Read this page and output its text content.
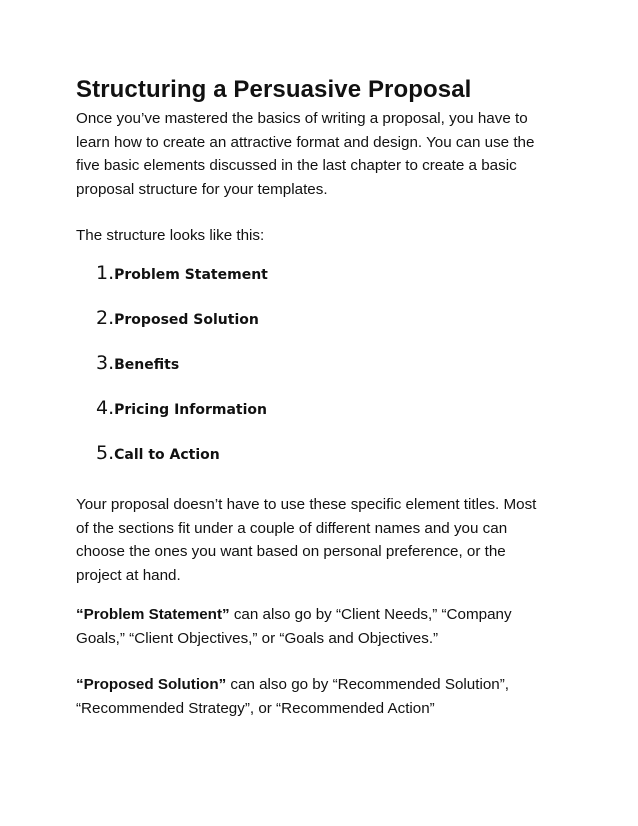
Structuring a Persuasive Proposal

Once you’ve mastered the basics of writing a proposal, you have to
learn how to create an attractive format and design. You can use the
five basic elements discussed in the last chapter to create a basic
proposal structure for your templates.

The structure looks like this:

1.Problem Statement
2.Proposed Solution
3.Benefits
4.Pricing Information
5.Call to Action

Your proposal doesn’t have to use these specific element titles. Most
of the sections fit under a couple of different names and you can
choose the ones you want based on personal preference, or the
project at hand.

“Problem Statement” can also go by “Client Needs,” “Company
Goals,” “Client Objectives,” or “Goals and Objectives.”

“Proposed Solution” can also go by “Recommended Solution”,
“Recommended Strategy”, or “Recommended Action”
